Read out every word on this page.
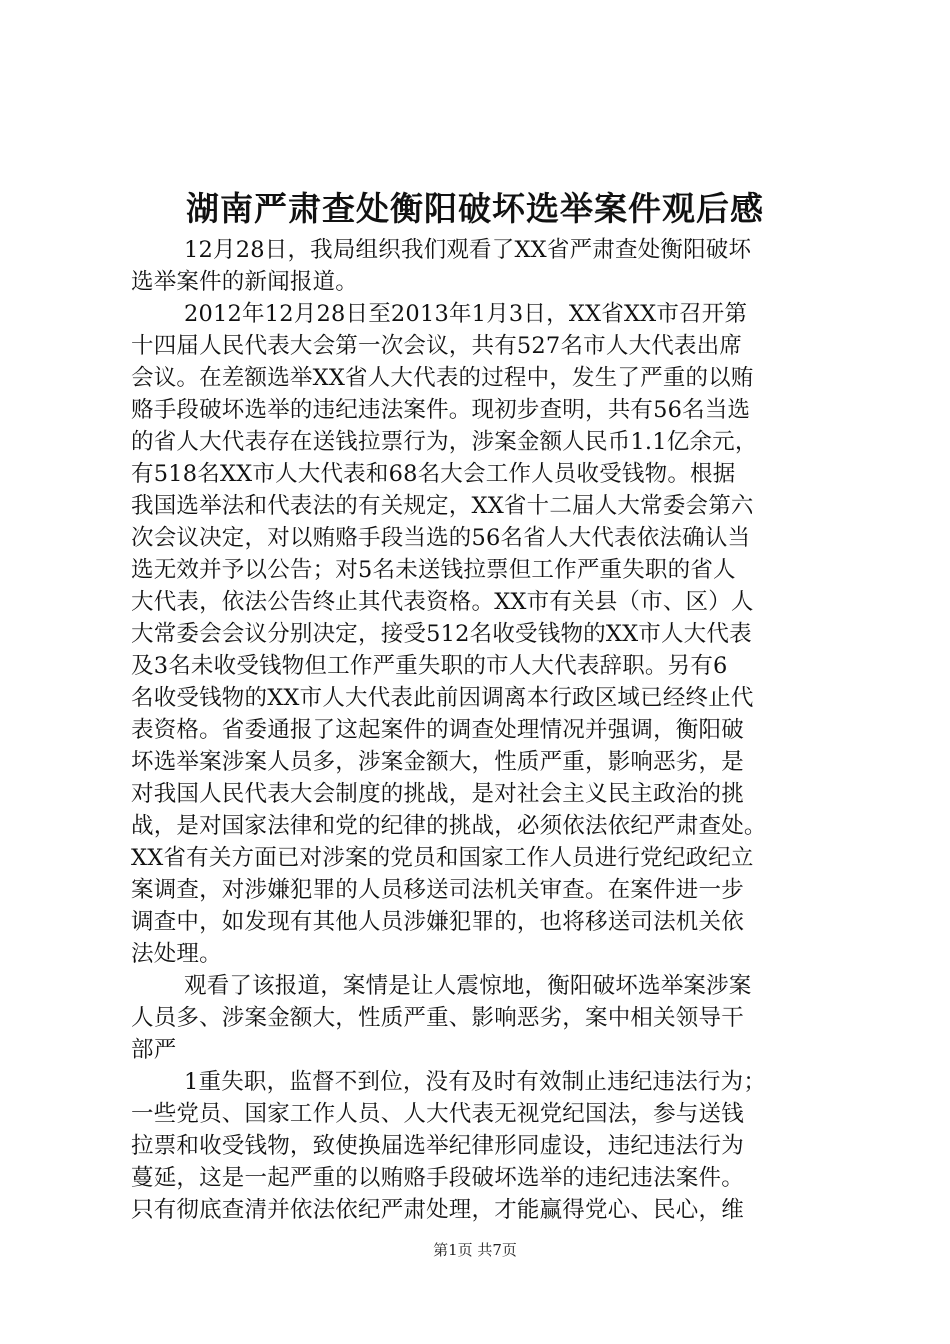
湖南严肃查处衡阳破坏选举案件观后感
12月28日，我局组织我们观看了XX省严肃查处衡阳破坏
选举案件的新闻报道。
2012年12月28日至2013年1月3日，XX省XX市召开第
十四届人民代表大会第一次会议，共有527名市人大代表出席
会议。在差额选举XX省人大代表的过程中，发生了严重的以贿
赂手段破坏选举的违纪违法案件。现初步查明，共有56名当选
的省人大代表存在送钱拉票行为，涉案金额人民币1.1亿余元，
有518名XX市人大代表和68名大会工作人员收受钱物。根据
我国选举法和代表法的有关规定，XX省十二届人大常委会第六
次会议决定，对以贿赂手段当选的56名省人大代表依法确认当
选无效并予以公告；对5名未送钱拉票但工作严重失职的省人
大代表，依法公告终止其代表资格。XX市有关县（市、区）人
大常委会会议分别决定，接受512名收受钱物的XX市人大代表
及3名未收受钱物但工作严重失职的市人大代表辞职。另有6
名收受钱物的XX市人大代表此前因调离本行政区域已经终止代
表资格。省委通报了这起案件的调查处理情况并强调，衡阳破
坏选举案涉案人员多，涉案金额大，性质严重，影响恶劣，是
对我国人民代表大会制度的挑战，是对社会主义民主政治的挑
战，是对国家法律和党的纪律的挑战，必须依法依纪严肃查处。
XX省有关方面已对涉案的党员和国家工作人员进行党纪政纪立
案调查，对涉嫌犯罪的人员移送司法机关审查。在案件进一步
调查中，如发现有其他人员涉嫌犯罪的，也将移送司法机关依
法处理。
观看了该报道，案情是让人震惊地，衡阳破坏选举案涉案
人员多、涉案金额大，性质严重、影响恶劣，案中相关领导干
部严
1重失职，监督不到位，没有及时有效制止违纪违法行为；
一些党员、国家工作人员、人大代表无视党纪国法，参与送钱
拉票和收受钱物，致使换届选举纪律形同虚设，违纪违法行为
蔓延，这是一起严重的以贿赂手段破坏选举的违纪违法案件。
只有彻底查清并依法依纪严肃处理，才能赢得党心、民心，维
第1页 共7页
